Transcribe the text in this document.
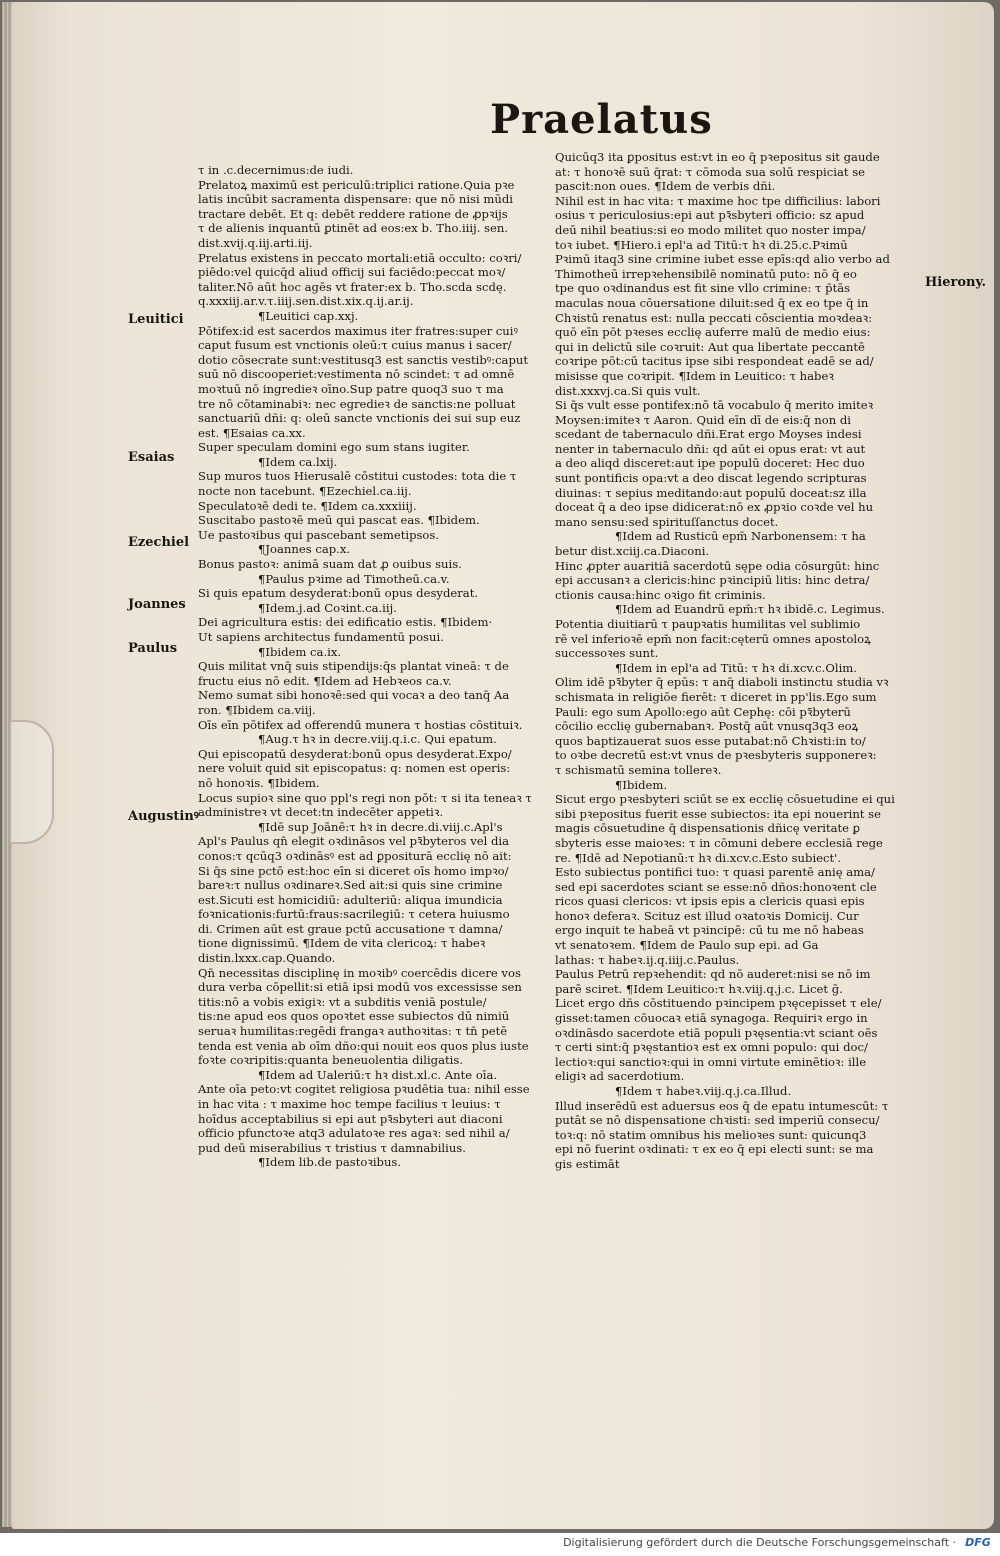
Praelatus
Leuitici
Esaias
Ezechiel
Joannes
Paulus
Augustinꝰ
Hierony.
τ in .c.decernimus:de iudi.
Prelatoꝝ maximū est periculū:triplici ratione.Quia pꝛe
latis incūbit sacramenta dispensare: que nō nisi mūdi
tractare debēt. Et q: debēt reddere ratione de ꝓpꝛijs
τ de alienis inquantū ꝑtinēt ad eos:ex b. Tho.iiij. sen.
dist.xvij.q.iij.arti.iij.
Prelatus existens in peccato mortali:etiā occulto: coꝛri/
piēdo:vel quicq̄d aliud officij sui faciēdo:peccat moꝛ/
taliter.Nō aūt hoc agēs vt frater:ex b. Tho.scda scdę.
q.xxxiij.ar.v.τ.iiij.sen.dist.xix.q.ij.ar.ij.
¶Leuitici cap.xxj.
Pōtifex:id est sacerdos maximus iter fratres:super cuiꝰ
caput fusum est vnctionis oleū:τ cuius manus i sacer/
dotio cōsecrate sunt:vestitusq3 est sanctis vestibꝰ:caput
suū nō discooperiet:vestimenta nō scindet: τ ad omnē
moꝛtuū nō ingredieꝛ oīno.Sup patre quoq3 suo τ ma
tre nō cōtaminabiꝛ: nec egredieꝛ de sanctis:ne polluat
sanctuariū dñi: q: oleū sancte vnctionis dei sui sup euz
est. ¶Esaias ca.xx.
Super speculam domini ego sum stans iugiter.
¶Idem ca.lxij.
Sup muros tuos Hierusalē cōstitui custodes: tota die τ
nocte non tacebunt. ¶Ezechiel.ca.iij.
Speculatoꝛē dedi te. ¶Idem ca.xxxiiij.
Suscitabo pastoꝛē meū qui pascat eas. ¶Ibidem.
Ue pastoꝛibus qui pascebant semetipsos.
¶Joannes cap.x.
Bonus pastoꝛ: animā suam dat ꝓ ouibus suis.
¶Paulus pꝛime ad Timotheū.ca.v.
Si quis epatum desyderat:bonū opus desyderat.
¶Idem.j.ad Coꝛint.ca.iij.
Dei agricultura estis: dei edificatio estis. ¶Ibidem·
Ut sapiens architectus fundamentū posui.
¶Ibidem ca.ix.
Quis militat vnq̄ suis stipendijs:q̄s plantat vineā: τ de
fructu eius nō edit. ¶Idem ad Hebꝛeos ca.v.
Nemo sumat sibi honoꝛē:sed qui vocaꝛ a deo tanq̄ Aa
ron. ¶Ibidem ca.viij.
Oīs eīn pōtifex ad offerendū munera τ hostias cōstituiꝛ.
¶Aug.τ hꝛ in decre.viij.q.i.c. Qui epatum.
Qui episcopatū desyderat:bonū opus desyderat.Expo/
nere voluit quid sit episcopatus: q: nomen est operis:
nō honoꝛis. ¶Ibidem.
Locus supioꝛ sine quo ppl's regi non pōt: τ si ita teneaꝛ τ
administreꝛ vt decet:tn indecēter appetiꝛ.
¶Idē sup Joānē:τ hꝛ in decre.di.viij.c.Apl's
Apl's Paulus qn̄ elegit oꝛdināsos vel pꝛ̄byteros vel dia
conos:τ qcūq3 oꝛdināsꝰ est ad ꝑpositurā ecclię nō ait:
Si q̄s sine pctō est:hoc eīn si diceret oīs homo impꝛo/
bareꝛ:τ nullus oꝛdinareꝛ.Sed ait:si quis sine crimine
est.Sicuti est homicidiū: adulteriū: aliqua imundicia
foꝛnicationis:furtū:fraus:sacrilegiū: τ cetera huiusmo
di. Crimen aūt est graue pctū accusatione τ damna/
tione dignissimū. ¶Idem de vita clericoꝝ: τ habeꝛ
distin.lxxx.cap.Quando.
Qn̄ necessitas disciplinę in moꝛibꝰ coercēdis dicere vos
dura verba cōpellit:si etiā ipsi modū vos excessisse sen
titis:nō a vobis exigiꝛ: vt a subditis veniā postule/
tis:ne apud eos quos opoꝛtet esse subiectos dū nimiū
seruaꝛ humilitas:regēdi frangaꝛ authoꝛitas: τ tn̄ petē
tenda est venia ab oīm dño:qui nouit eos quos plus iuste
foꝛte coꝛripitis:quanta beneuolentia diligatis.
¶Idem ad Ualeriū:τ hꝛ dist.xl.c. Ante oīa.
Ante oīa peto:vt cogitet religiosa pꝛudētia tua: nihil esse
in hac vita : τ maxime hoc tempe facilius τ leuius: τ
hoīdus acceptabilius si epi aut pꝛ̄sbyteri aut diaconi
officio pfunctoꝛe atq3 adulatoꝛe res agaꝛ: sed nihil a/
pud deū miserabilius τ tristius τ damnabilius.
¶Idem lib.de pastoꝛibus.
Quicūq3 ita ꝑpositus est:vt in eo q̄ pꝛepositus sit gaude
at: τ honoꝛē suū q̄rat: τ cōmoda sua solū respiciat se
pascit:non oues. ¶Idem de verbis dñi.
Nihil est in hac vita: τ maxime hoc tpe difficilius: labori
osius τ periculosius:epi aut pꝛ̄sbyteri officio: sz apud
deū nihil beatius:si eo modo militet quo noster impa/
toꝛ iubet. ¶Hiero.i epl'a ad Titū:τ hꝛ di.25.c.Pꝛimū
Pꝛimū itaq3 sine crimine iubet esse epīs:qd alio verbo ad
Thimotheū irrepꝛehensibilē nominatū puto: nō q̄ eo
tpe quo oꝛdinandus est fit sine vllo crimine: τ p̄tās
maculas noua cōuersatione diluit:sed q̄ ex eo tpe q̄ in
Chꝛistū renatus est: nulla peccati cōscientia moꝛdeaꝛ:
quō eīn pōt pꝛeses ecclię auferre malū de medio eius:
qui in delictū sile coꝛruit: Aut qua libertate peccantē
coꝛripe pōt:cū tacitus ipse sibi respondeat eadē se ad/
misisse que coꝛripit. ¶Idem in Leuitico: τ habeꝛ
dist.xxxvj.ca.Si quis vult.
Si q̄s vult esse pontifex:nō tā vocabulo q̄ merito imiteꝛ
Moysen:imiteꝛ τ Aaron. Quid eīn dī de eis:q̄ non di
scedant de tabernaculo dñi.Erat ergo Moyses indesi
nenter in tabernaculo dñi: qd aūt ei opus erat: vt aut
a deo aliqd disceret:aut ipe populū doceret: Hec duo
sunt pontificis opa:vt a deo discat legendo scripturas
diuinas: τ sepius meditando:aut populū doceat:sz illa
doceat q̄ a deo ipse didicerat:nō ex ꝓpꝛio coꝛde vel hu
mano sensu:sed spirituſſanctus docet.
¶Idem ad Rusticū epm̄ Narbonensem: τ ha
betur dist.xciij.ca.Diaconi.
Hinc ꝓpter auaritiā sacerdotū sępe odia cōsurgūt: hinc
epi accusanꝛ a clericis:hinc pꝛincipiū litis: hinc detra/
ctionis causa:hinc oꝛigo fit criminis.
¶Idem ad Euandrū epm̄:τ hꝛ ibidē.c. Legimus.
Potentia diuitiarū τ paupꝛatis humilitas vel sublimio
rē vel inferioꝛē epm̄ non facit:cęterū omnes apostoloꝝ
successoꝛes sunt.
¶Idem in epl'a ad Titū: τ hꝛ di.xcv.c.Olim.
Olim idē pꝛ̄byter q̄ epūs: τ anq̄ diaboli instinctu studia vꝛ
schismata in religiōe fierēt: τ diceret in pp'lis.Ego sum
Pauli: ego sum Apollo:ego aūt Cephę: cōi pꝛ̄byterū
cōcilio ecclię gubernabanꝛ. Postq̄ aūt vnusq3q3 eoꝝ
quos baptizauerat suos esse putabat:nō Chꝛisti:in to/
to oꝛbe decretū est:vt vnus de pꝛesbyteris supponereꝛ:
τ schismatū semina tollereꝛ.
¶Ibidem.
Sicut ergo pꝛesbyteri sciūt se ex ecclię cōsuetudine ei qui
sibi pꝛepositus fuerit esse subiectos: ita epi nouerint se
magis cōsuetudine q̄ dispensationis dñicę veritate ꝑ
sbyteris esse maioꝛes: τ in cōmuni debere ecclesiā rege
re. ¶Idē ad Nepotianū:τ hꝛ di.xcv.c.Esto subiect'.
Esto subiectus pontifici tuo: τ quasi parentē anię ama/
sed epi sacerdotes sciant se esse:nō dños:honoꝛent cle
ricos quasi clericos: vt ipsis epis a clericis quasi epis
honoꝛ deferaꝛ. Scituz est illud oꝛatoꝛis Domicij. Cur
ergo inquit te habeā vt pꝛincipē: cū tu me nō habeas
vt senatoꝛem. ¶Idem de Paulo sup epi. ad Ga
lathas: τ habeꝛ.ij.q.iiij.c.Paulus.
Paulus Petrū repꝛehendit: qd nō auderet:nisi se nō im
parē sciret. ¶Idem Leuitico:τ hꝛ.viij.q.j.c. Licet ḡ.
Licet ergo dñs cōstituendo pꝛincipem pꝛęcepisset τ ele/
gisset:tamen cōuocaꝛ etiā synagoga. Requiriꝛ ergo in
oꝛdināsdo sacerdote etiā populi pꝛęsentia:vt sciant oēs
τ certi sint:q̄ pꝛęstantioꝛ est ex omni populo: qui doc/
lectioꝛ:qui sanctioꝛ:qui in omni virtute eminētioꝛ: ille
eligiꝛ ad sacerdotium.
¶Idem τ habeꝛ.viij.q.j.ca.Illud.
Illud inserēdū est aduersus eos q̄ de epatu intumescūt: τ
putāt se nō dispensatione chꝛisti: sed imperiū consecu/
toꝛ:q: nō statim omnibus his melioꝛes sunt: quicunq3
epi nō fuerint oꝛdinati: τ ex eo q̄ epi electi sunt: se ma
gis estimāt
Digitalisierung gefördert durch die Deutsche Forschungsgemeinschaft · DFG
